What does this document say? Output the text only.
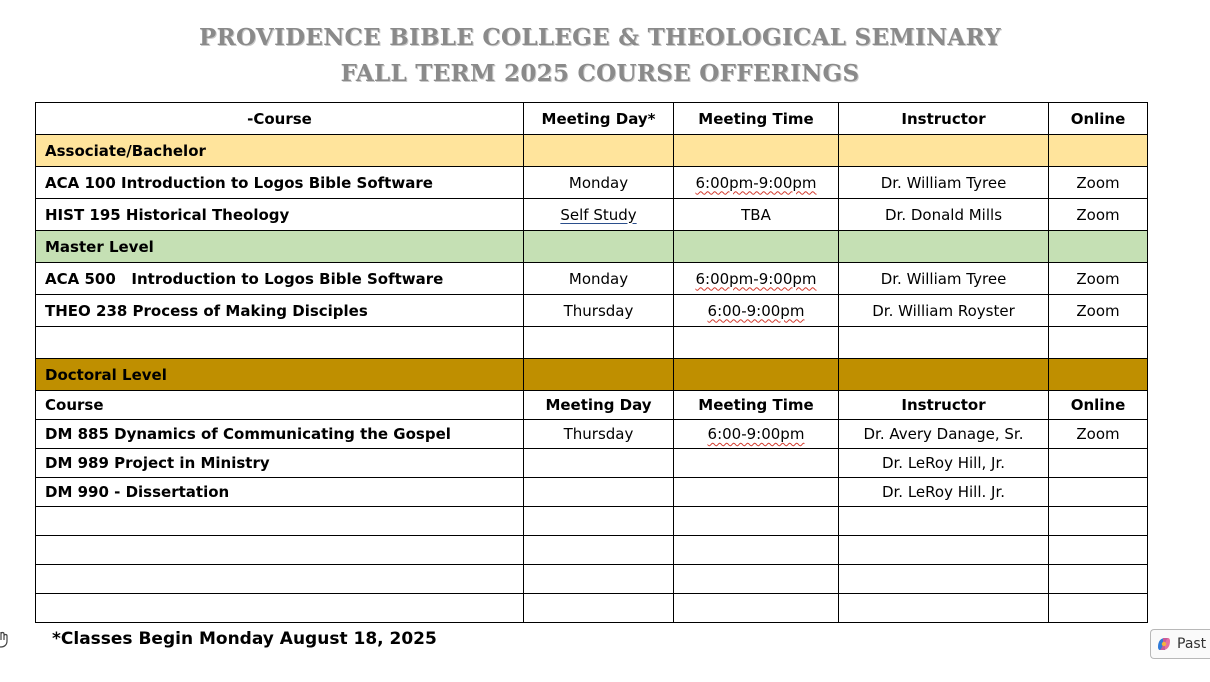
PROVIDENCE BIBLE COLLEGE & THEOLOGICAL SEMINARY
FALL TERM 2025 COURSE OFFERINGS
-Course	Meeting Day*	Meeting Time	Instructor	Online
Associate/Bachelor				
ACA 100 Introduction to Logos Bible Software	Monday	6:00pm-9:00pm	Dr. William Tyree	Zoom
HIST 195 Historical Theology	Self Study	TBA	Dr. Donald Mills	Zoom
Master Level				
ACA 500   Introduction to Logos Bible Software	Monday	6:00pm-9:00pm	Dr. William Tyree	Zoom
THEO 238 Process of Making Disciples	Thursday	6:00-9:00pm	Dr. William Royster	Zoom

Doctoral Level				
Course	Meeting Day	Meeting Time	Instructor	Online
DM 885 Dynamics of Communicating the Gospel	Thursday	6:00-9:00pm	Dr. Avery Danage, Sr.	Zoom
DM 989 Project in Ministry			Dr. LeRoy Hill, Jr.	
DM 990 - Dissertation			Dr. LeRoy Hill. Jr.	

*Classes Begin Monday August 18, 2025	Past
